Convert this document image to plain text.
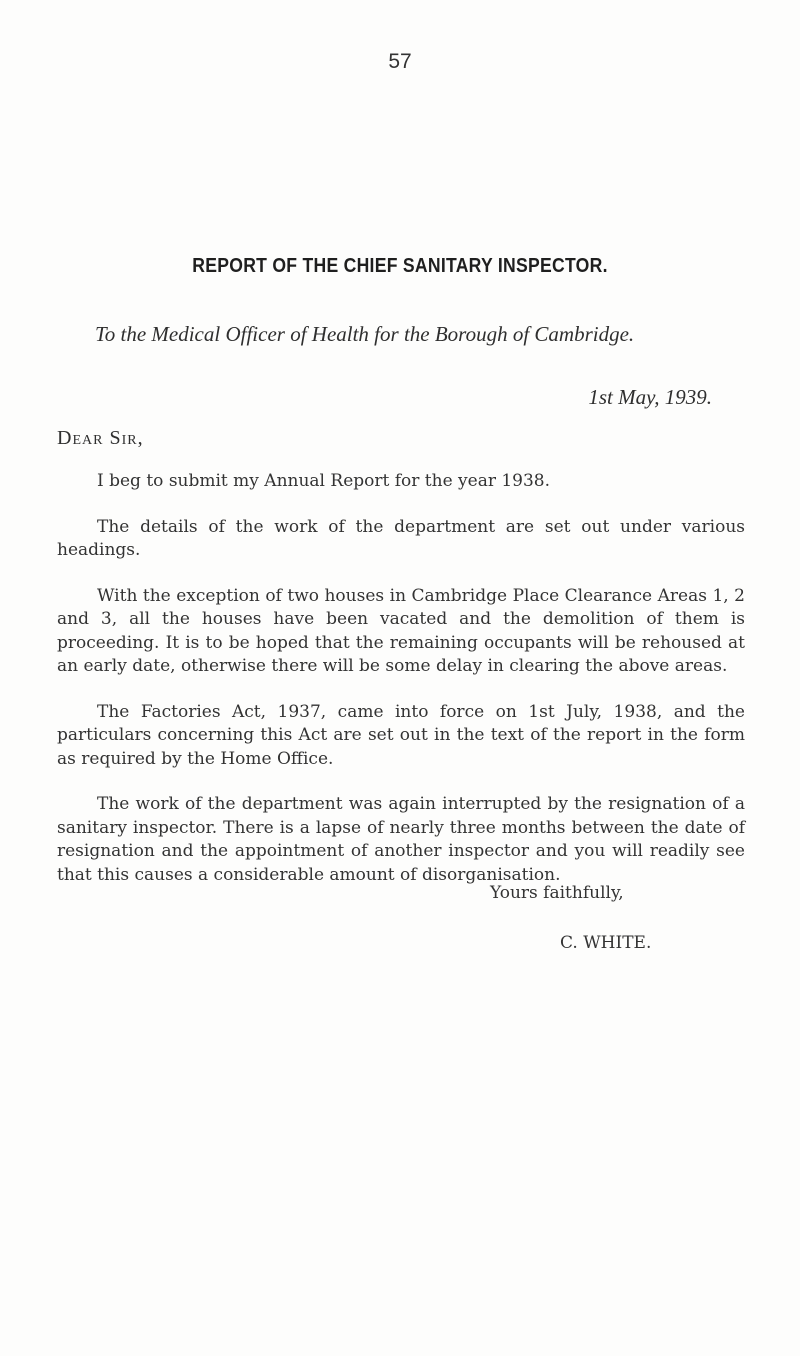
57
REPORT OF THE CHIEF SANITARY INSPECTOR.
To the Medical Officer of Health for the Borough of Cambridge.
1st May, 1939.
Dear Sir,

I beg to submit my Annual Report for the year 1938.

The details of the work of the department are set out under various headings.

With the exception of two houses in Cambridge Place Clearance Areas 1, 2 and 3, all the houses have been vacated and the demolition of them is proceeding. It is to be hoped that the remaining occupants will be rehoused at an early date, otherwise there will be some delay in clearing the above areas.

The Factories Act, 1937, came into force on 1st July, 1938, and the particulars concerning this Act are set out in the text of the report in the form as required by the Home Office.

The work of the department was again interrupted by the resignation of a sanitary inspector. There is a lapse of nearly three months between the date of resignation and the appointment of another inspector and you will readily see that this causes a considerable amount of disorganisation.

Yours faithfully,
C. WHITE.
